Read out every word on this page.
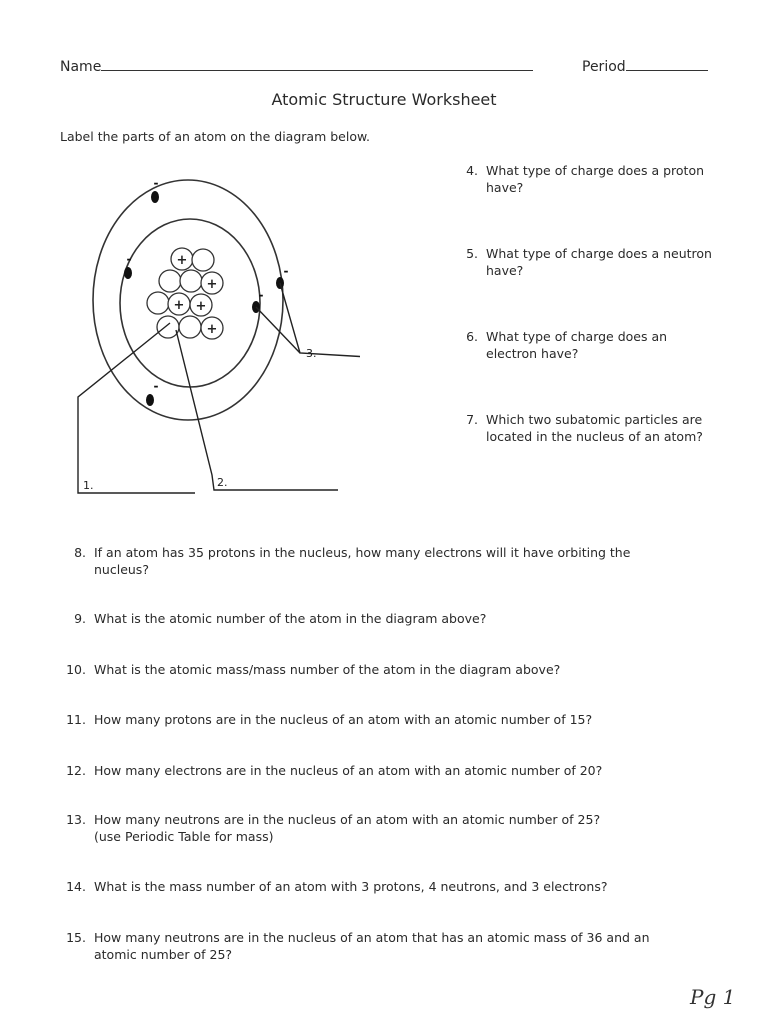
Name	Period
Atomic Structure Worksheet
Label the parts of an atom on the diagram below.
+
+
+ +
+
-
-
-
-
-
1.	2.
3.
4. What type of charge does a proton have?
5. What type of charge does a neutron have?
6. What type of charge does an electron have?
7. Which two subatomic particles are located in the nucleus of an atom?
8. If an atom has 35 protons in the nucleus, how many electrons will it have orbiting the nucleus?
9. What is the atomic number of the atom in the diagram above?
10. What is the atomic mass/mass number of the atom in the diagram above?
11. How many protons are in the nucleus of an atom with an atomic number of 15?
12. How many electrons are in the nucleus of an atom with an atomic number of 20?
13. How many neutrons are in the nucleus of an atom with an atomic number of 25?
(use Periodic Table for mass)
14. What is the mass number of an atom with 3 protons, 4 neutrons, and 3 electrons?
15. How many neutrons are in the nucleus of an atom that has an atomic mass of 36 and an atomic number of 25?
Pg 1
